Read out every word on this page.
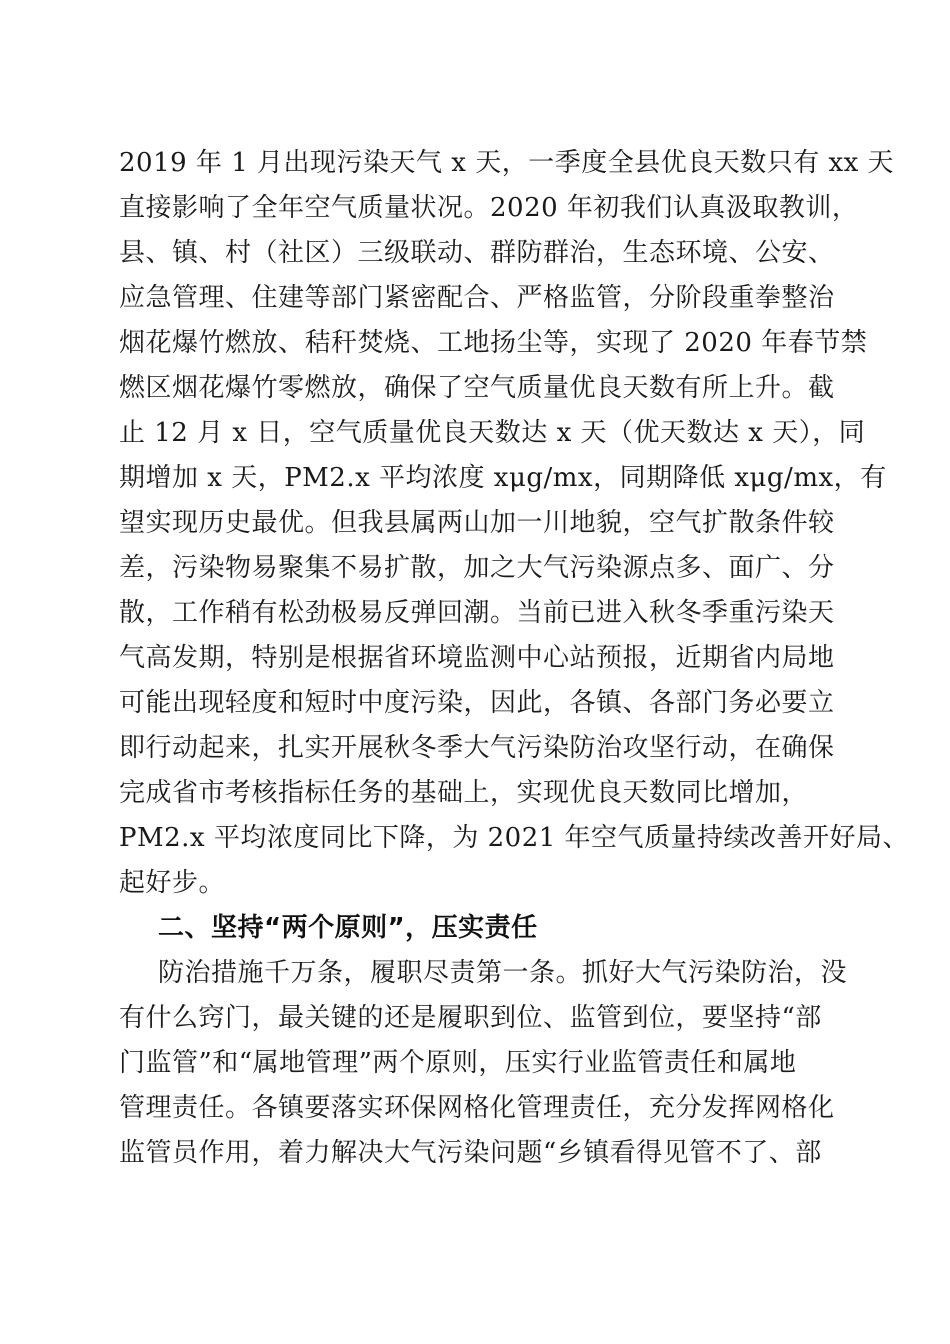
2019 年 1 月出现污染天气 x 天，一季度全县优良天数只有 xx 天
直接影响了全年空气质量状况。2020 年初我们认真汲取教训，
县、镇、村（社区）三级联动、群防群治，生态环境、公安、
应急管理、住建等部门紧密配合、严格监管，分阶段重拳整治
烟花爆竹燃放、秸秆焚烧、工地扬尘等，实现了 2020 年春节禁
燃区烟花爆竹零燃放，确保了空气质量优良天数有所上升。截
止 12 月 x 日，空气质量优良天数达 x 天（优天数达 x 天），同
期增加 x 天，PM2.x 平均浓度 xμg/mx，同期降低 xμg/mx，有
望实现历史最优。但我县属两山加一川地貌，空气扩散条件较
差，污染物易聚集不易扩散，加之大气污染源点多、面广、分
散，工作稍有松劲极易反弹回潮。当前已进入秋冬季重污染天
气高发期，特别是根据省环境监测中心站预报，近期省内局地
可能出现轻度和短时中度污染，因此，各镇、各部门务必要立
即行动起来，扎实开展秋冬季大气污染防治攻坚行动，在确保
完成省市考核指标任务的基础上，实现优良天数同比增加，
PM2.x 平均浓度同比下降，为 2021 年空气质量持续改善开好局、
起好步。
二、坚持“两个原则”，压实责任
防治措施千万条，履职尽责第一条。抓好大气污染防治，没
有什么窍门，最关键的还是履职到位、监管到位，要坚持“部
门监管”和“属地管理”两个原则，压实行业监管责任和属地
管理责任。各镇要落实环保网格化管理责任，充分发挥网格化
监管员作用，着力解决大气污染问题“乡镇看得见管不了、部
